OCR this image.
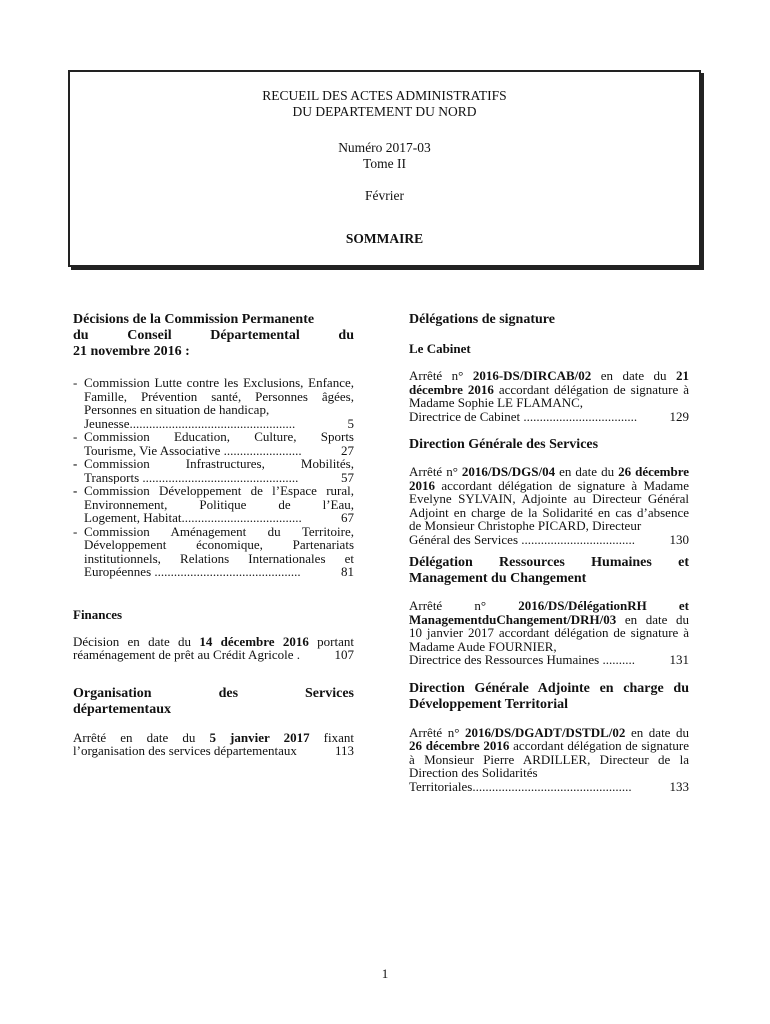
RECUEIL DES ACTES ADMINISTRATIFS
DU DEPARTEMENT DU NORD
Numéro 2017-03
Tome II
Février
SOMMAIRE
Décisions de la Commission Permanente
du	Conseil	Départemental	du
21 novembre 2016 :
- Commission Lutte contre les Exclusions, Enfance, Famille, Prévention santé, Personnes âgées, Personnes en situation de handicap,
Jeunesse...................................................	5
- Commission Education, Culture, Sports
Tourisme, Vie Associative ........................	27
- Commission Infrastructures, Mobilités,
Transports ................................................	57
- Commission Développement de l’Espace rural, Environnement, Politique de l’Eau,
Logement, Habitat.....................................	67
- Commission Aménagement du Territoire, Développement économique, Partenariats institutionnels, Relations Internationales et
Européennes .............................................	81
Finances
Décision en date du 14 décembre 2016 portant
réaménagement de prêt au Crédit Agricole .	107
Organisation	des	Services
départementaux
Arrêté en date du 5 janvier 2017 fixant
l’organisation des services départementaux	113
Délégations de signature
Le Cabinet
Arrêté n° 2016-DS/DIRCAB/02 en date du 21 décembre 2016 accordant délégation de signature à Madame Sophie LE FLAMANC,
Directrice de Cabinet ...................................	129
Direction Générale des Services
Arrêté n° 2016/DS/DGS/04 en date du 26 décembre 2016 accordant délégation de signature à Madame Evelyne SYLVAIN, Adjointe au Directeur Général Adjoint en charge de la Solidarité en cas d’absence de Monsieur Christophe PICARD, Directeur
Général des Services ...................................	130
Délégation Ressources Humaines et Management du Changement
Arrêté n° 2016/DS/DélégationRH et ManagementduChangement/DRH/03 en date du 10 janvier 2017 accordant délégation de signature à Madame Aude FOURNIER,
Directrice des Ressources Humaines ..........	131
Direction Générale Adjointe en charge du Développement Territorial
Arrêté n° 2016/DS/DGADT/DSTDL/02 en date du 26 décembre 2016 accordant délégation de signature à Monsieur Pierre ARDILLER, Directeur de la Direction des Solidarités
Territoriales.................................................	133
1
